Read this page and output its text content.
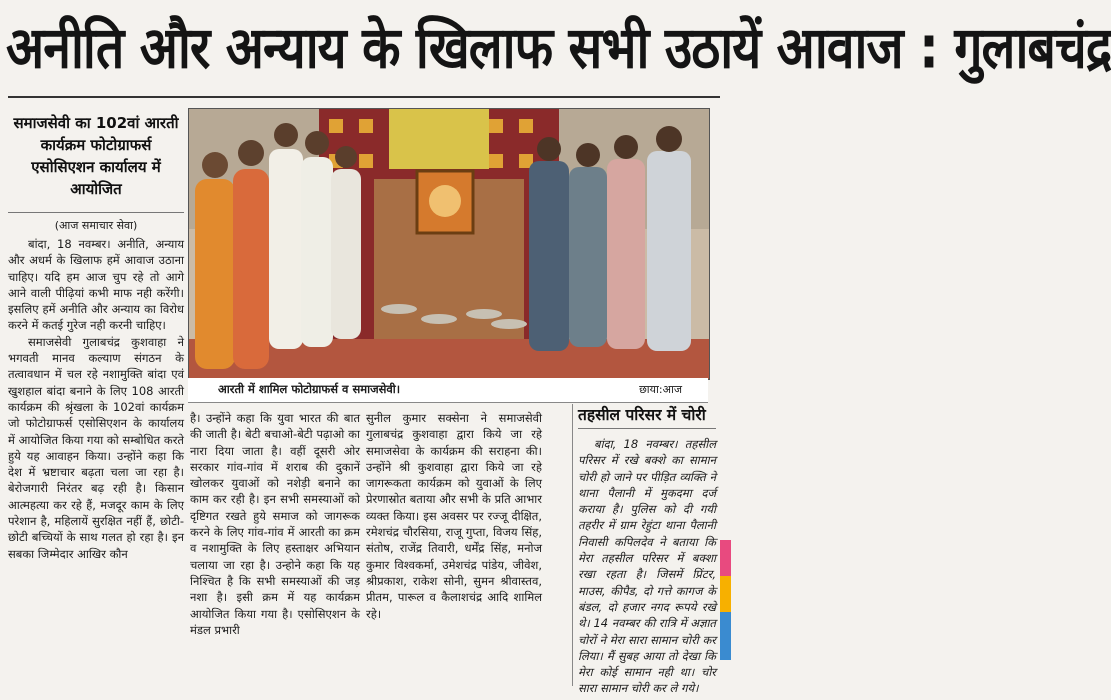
अनीति और अन्याय के खिलाफ सभी उठायें आवाज : गुलाबचंद्र
समाजसेवी का 102वां आरती कार्यक्रम फोटोग्राफर्स एसोसिएशन कार्यालय में आयोजित
(आज समाचार सेवा)

बांदा, 18 नवम्बर। अनीति, अन्याय और अधर्म के खिलाफ हमें आवाज उठाना चाहिए। यदि हम आज चुप रहे तो आगे आने वाली पीढ़ियां कभी माफ नही करेंगी। इसलिए हमें अनीति और अन्याय का विरोध करने में कतई गुरेज नही करनी चाहिए।

समाजसेवी गुलाबचंद्र कुशवाहा ने भगवती मानव कल्याण संगठन के तत्वावधान में चल रहे नशामुक्ति बांदा एवं खुशहाल बांदा बनाने के लिए 108 आरती कार्यक्रम की श्रृंखला के 102वां कार्यक्रम जो फोटोग्राफर्स एसोसिएशन के कार्यालय में आयोजित किया गया को सम्बोधित करते हुये यह आवाहन किया। उन्होंने कहा कि देश में भ्रष्टाचार बढ़ता चला जा रहा है। बेरोजगारी निरंतर बढ़ रही है। किसान आत्महत्या कर रहे हैं, मजदूर काम के लिए परेशान है, महिलायें सुरक्षित नहीं हैं, छोटी-छोटी बच्चियों के साथ गलत हो रहा है। इन सबका जिम्मेदार आखिर कौन

आरती में शामिल फोटोग्राफर्स व समाजसेवी।	छाया:आज

है। उन्होंने कहा कि युवा भारत की बात की जाती है। बेटी बचाओ-बेटी पढ़ाओ का नारा दिया जाता है। वहीं दूसरी ओर सरकार गांव-गांव में शराब की दुकानें खोलकर युवाओं को नशेड़ी बनाने का काम कर रही है। इन सभी समस्याओं को दृष्टिगत रखते हुये समाज को जागरूक करने के लिए गांव-गांव में आरती का क्रम व नशामुक्ति के लिए हस्ताक्षर अभियान चलाया जा रहा है। उन्होने कहा कि यह निश्चित है कि सभी समस्याओं की जड़ नशा है। इसी क्रम में यह कार्यक्रम आयोजित किया गया है। एसोसिएशन के मंडल प्रभारी

सुनील कुमार सक्सेना ने समाजसेवी गुलाबचंद्र कुशवाहा द्वारा किये जा रहे समाजसेवा के कार्यक्रम की सराहना की। उन्होंने श्री कुशवाहा द्वारा किये जा रहे जागरूकता कार्यक्रम को युवाओं के लिए प्रेरणास्रोत बताया और सभी के प्रति आभार व्यक्त किया। इस अवसर पर रज्जू दीक्षित, रमेशचंद्र चौरसिया, राजू गुप्ता, विजय सिंह, संतोष, राजेंद्र तिवारी, धर्मेंद्र सिंह, मनोज कुमार विश्वकर्मा, उमेशचंद्र पांडेय, जीवेश, श्रीप्रकाश, राकेश सोनी, सुमन श्रीवास्तव, प्रीतम, पारूल व कैलाशचंद्र आदि शामिल रहे।

तहसील परिसर में चोरी

बांदा, 18 नवम्बर। तहसील परिसर में रखे बक्शे का सामान चोरी हो जाने पर पीड़ित व्यक्ति ने थाना पैलानी में मुकदमा दर्ज कराया है। पुलिस को दी गयी तहरीर में ग्राम रेहुंटा थाना पैलानी निवासी कपिलदेव ने बताया कि मेरा तहसील परिसर में बक्शा रखा रहता है। जिसमें प्रिंटर, माउस, कीपैड, दो गत्ते कागज के बंडल, दो हजार नगद रूपये रखे थे। 14 नवम्बर की रात्रि में अज्ञात चोरों ने मेरा सारा सामान चोरी कर लिया। मैं सुबह आया तो देखा कि मेरा कोई सामान नही था। चोर सारा सामान चोरी कर ले गये।
